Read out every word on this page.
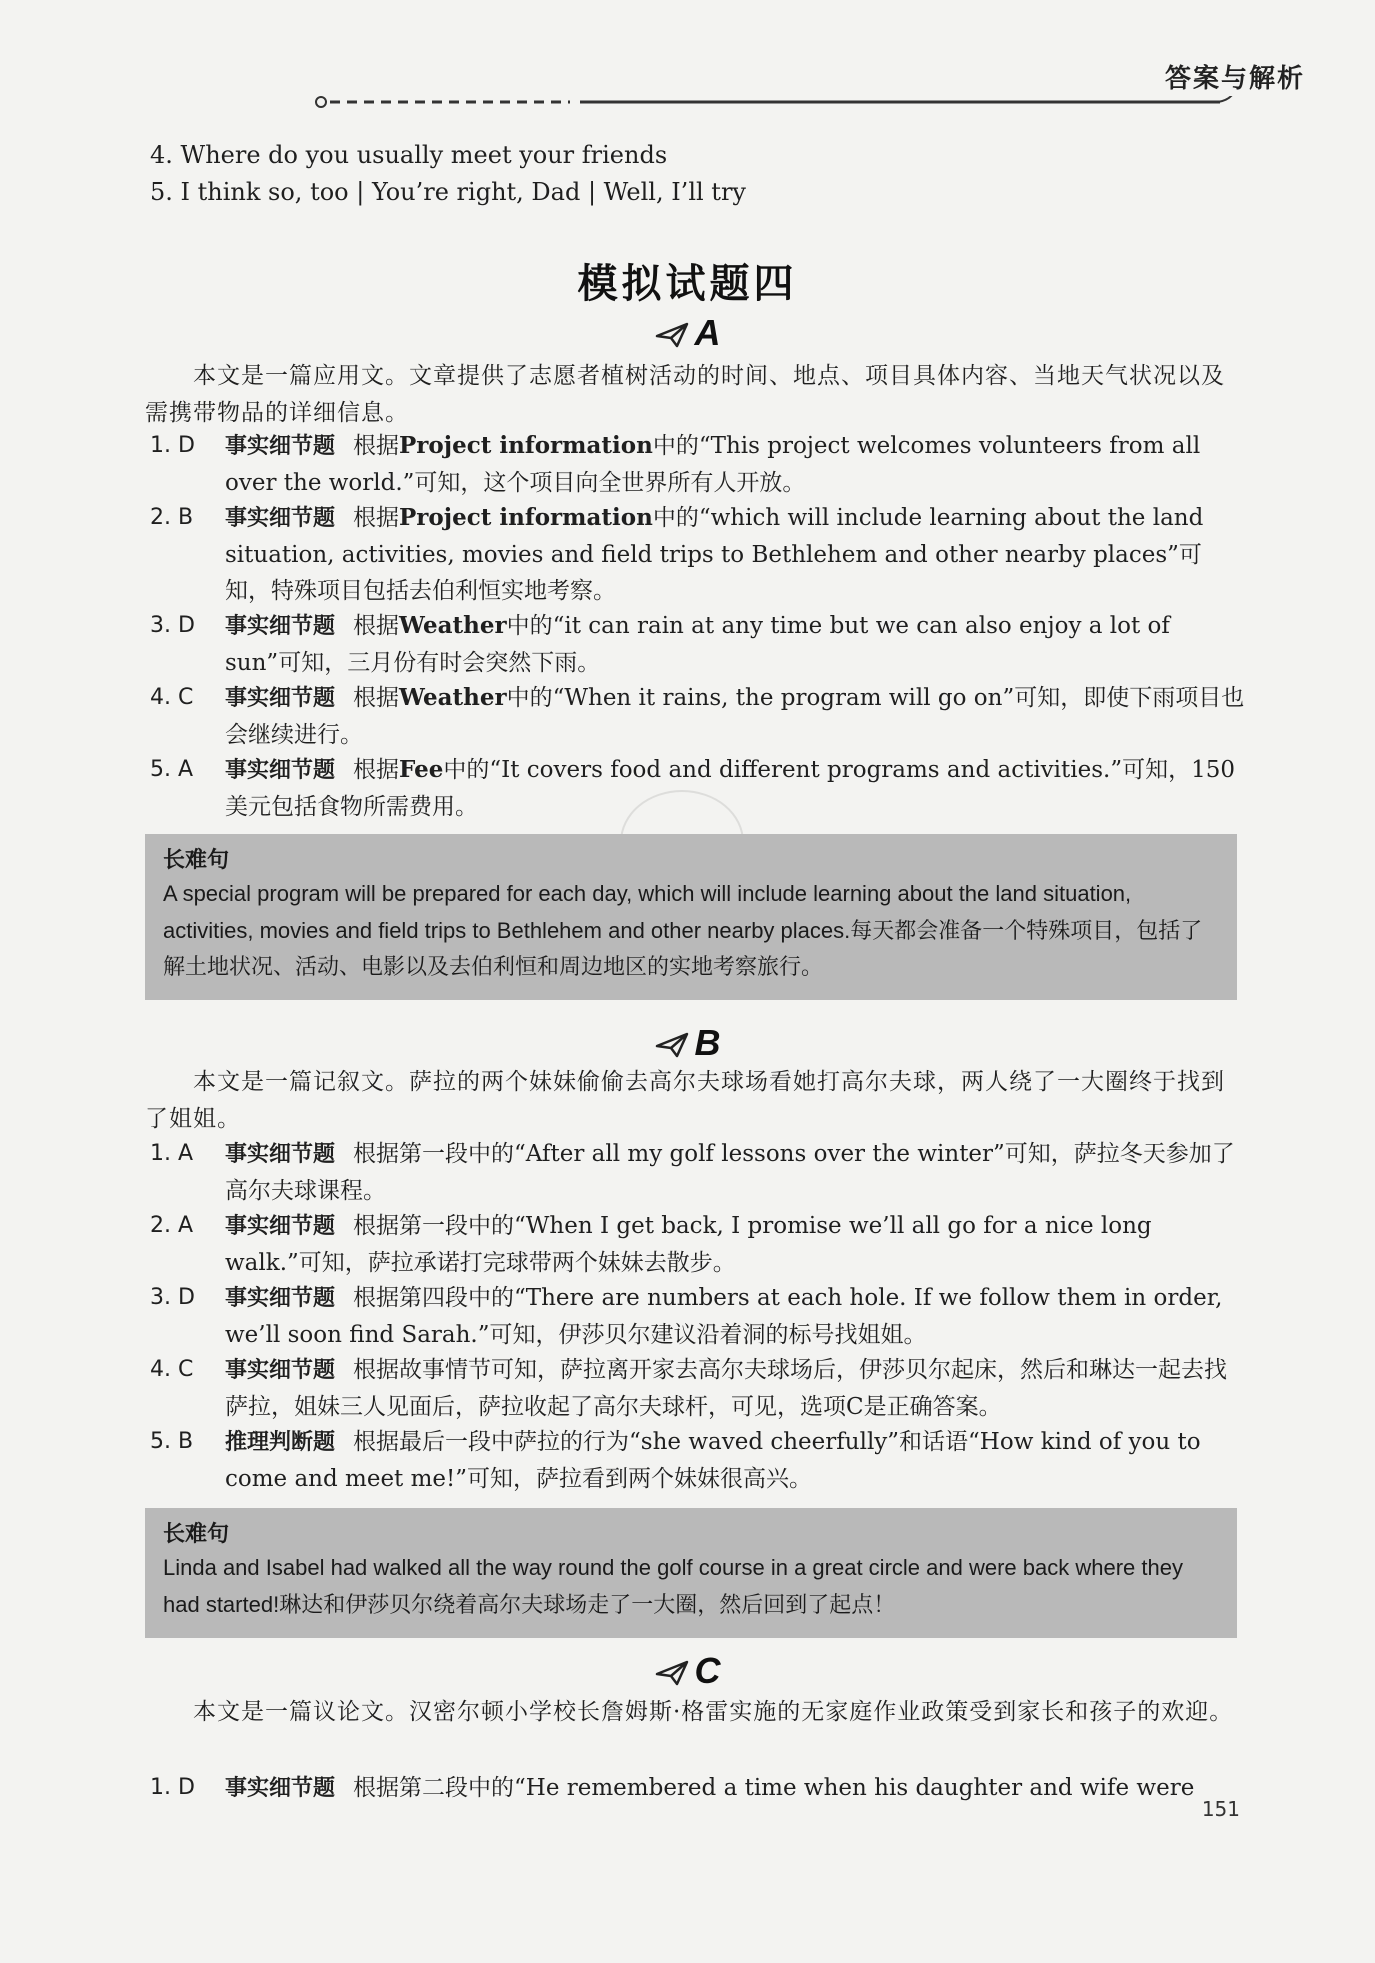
答案与解析
4. Where do you usually meet your friends
5. I think so, too | You’re right, Dad | Well, I’ll try
模拟试题四
A
本文是一篇应用文。文章提供了志愿者植树活动的时间、地点、项目具体内容、当地天气状况以及需携带物品的详细信息。
1. D 事实细节题 根据Project information中的“This project welcomes volunteers from all over the world.”可知，这个项目向全世界所有人开放。
2. B 事实细节题 根据Project information中的“which will include learning about the land situation, activities, movies and field trips to Bethlehem and other nearby places”可知，特殊项目包括去伯利恒实地考察。
3. D 事实细节题 根据Weather中的“it can rain at any time but we can also enjoy a lot of sun”可知，三月份有时会突然下雨。
4. C 事实细节题 根据Weather中的“When it rains, the program will go on”可知，即使下雨项目也会继续进行。
5. A 事实细节题 根据Fee中的“It covers food and different programs and activities.”可知，150美元包括食物所需费用。
长难句
A special program will be prepared for each day, which will include learning about the land situation, activities, movies and field trips to Bethlehem and other nearby places.每天都会准备一个特殊项目，包括了解土地状况、活动、电影以及去伯利恒和周边地区的实地考察旅行。
B
本文是一篇记叙文。萨拉的两个妹妹偷偷去高尔夫球场看她打高尔夫球，两人绕了一大圈终于找到了姐姐。
1. A 事实细节题 根据第一段中的“After all my golf lessons over the winter”可知，萨拉冬天参加了高尔夫球课程。
2. A 事实细节题 根据第一段中的“When I get back, I promise we’ll all go for a nice long walk.”可知，萨拉承诺打完球带两个妹妹去散步。
3. D 事实细节题 根据第四段中的“There are numbers at each hole. If we follow them in order, we’ll soon find Sarah.”可知，伊莎贝尔建议沿着洞的标号找姐姐。
4. C 事实细节题 根据故事情节可知，萨拉离开家去高尔夫球场后，伊莎贝尔起床，然后和琳达一起去找萨拉，姐妹三人见面后，萨拉收起了高尔夫球杆，可见，选项C是正确答案。
5. B 推理判断题 根据最后一段中萨拉的行为“she waved cheerfully”和话语“How kind of you to come and meet me!”可知，萨拉看到两个妹妹很高兴。
长难句
Linda and Isabel had walked all the way round the golf course in a great circle and were back where they had started!琳达和伊莎贝尔绕着高尔夫球场走了一大圈，然后回到了起点！
C
本文是一篇议论文。汉密尔顿小学校长詹姆斯·格雷实施的无家庭作业政策受到家长和孩子的欢迎。
1. D 事实细节题 根据第二段中的“He remembered a time when his daughter and wife were
151
